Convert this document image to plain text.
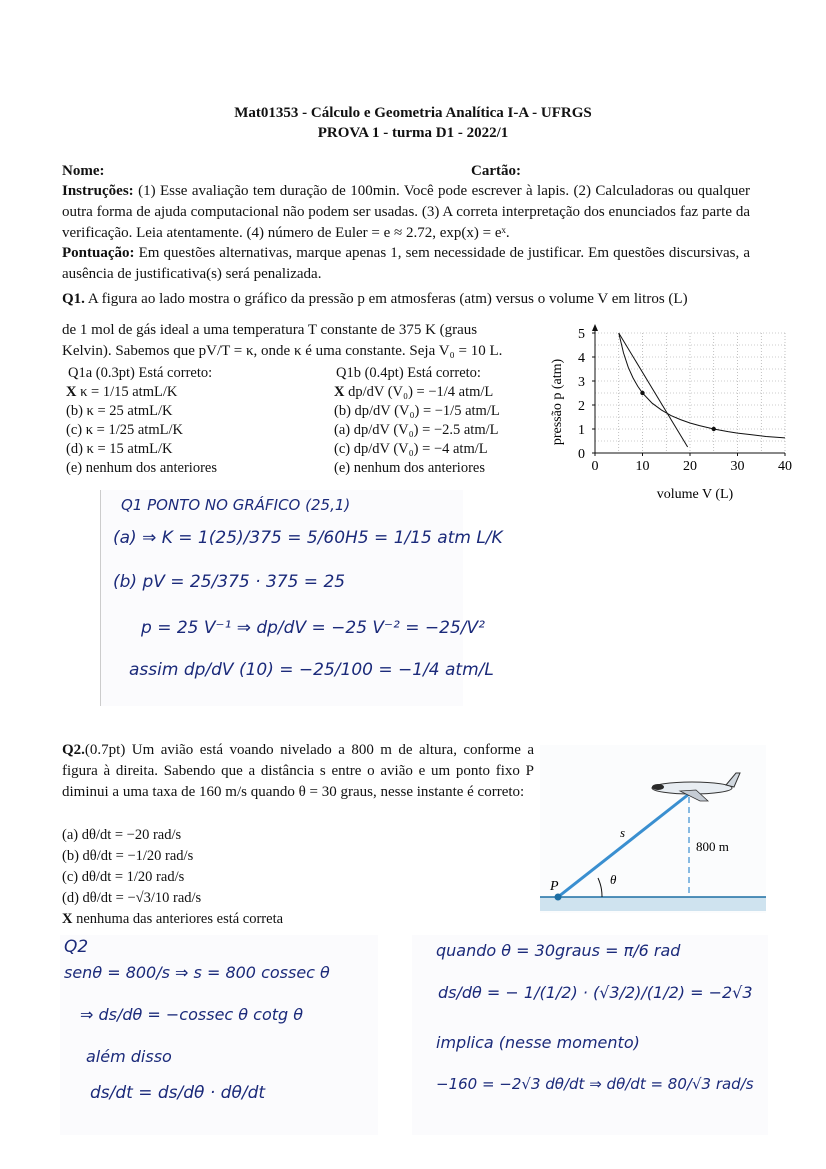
Mat01353 - Cálculo e Geometria Analítica I-A - UFRGS
PROVA 1 - turma D1 - 2022/1
Nome:	Cartão:
Instruções: (1) Esse avaliação tem duração de 100min. Você pode escrever à lapis. (2) Calculadoras ou qualquer outra forma de ajuda computacional não podem ser usadas. (3) A correta interpretação dos enunciados faz parte da verificação. Leia atentamente. (4) número de Euler = e ≈ 2.72, exp(x) = eˣ.
Pontuação: Em questões alternativas, marque apenas 1, sem necessidade de justificar. Em questões discursivas, a ausência de justificativa(s) será penalizada.
Q1. A figura ao lado mostra o gráfico da pressão p em atmosferas (atm) versus o volume V em litros (L)
de 1 mol de gás ideal a uma temperatura T constante de 375 K (graus
Kelvin). Sabemos que pV/T = κ, onde κ é uma constante. Seja V₀ = 10 L.
Q1a (0.3pt) Está correto:
X κ = 1/15 atmL/K
(b) κ = 25 atmL/K
(c) κ = 1/25 atmL/K
(d) κ = 15 atmL/K
(e) nenhum dos anteriores
Q1b (0.4pt) Está correto:
X dp/dV (V₀) = −1/4 atm/L
(b) dp/dV (V₀) = −1/5 atm/L
(a) dp/dV (V₀) = −2.5 atm/L
(c) dp/dV (V₀) = −4 atm/L
(e) nenhum dos anteriores	0	10 20 30 40
0
1
2
3
4
5
volume V (L)
pressão p (atm)
Q1 PONTO NO GRÁFICO (25,1)
(a) ⇒ K = 1(25)/375 = 5/60H5 = 1/15 atm L/K
(b) pV = 25/375 · 375 = 25
p = 25 V⁻¹ ⇒ dp/dV = −25 V⁻² = −25/V²
assim dp/dV (10) = −25/100 = −1/4 atm/L
Q2.(0.7pt) Um avião está voando nivelado a 800 m de altura, conforme a figura à direita. Sabendo que a distância s entre o avião e um ponto fixo P diminui a uma taxa de 160 m/s quando θ = 30 graus, nesse instante é correto:
(a) dθ/dt = −20 rad/s
(b) dθ/dt = −1/20 rad/s
(c) dθ/dt = 1/20 rad/s
(d) dθ/dt = −√3/10 rad/s
X nenhuma das anteriores está correta
s
800 m
P	θ
Q2
senθ = 800/s ⇒ s = 800 cossec θ
⇒ ds/dθ = −cossec θ cotg θ
além disso
ds/dt = ds/dθ · dθ/dt
quando θ = 30graus = π/6 rad
ds/dθ = − 1/(1/2) · (√3/2)/(1/2) = −2√3
implica (nesse momento)
−160 = −2√3 dθ/dt ⇒ dθ/dt = 80/√3 rad/s
